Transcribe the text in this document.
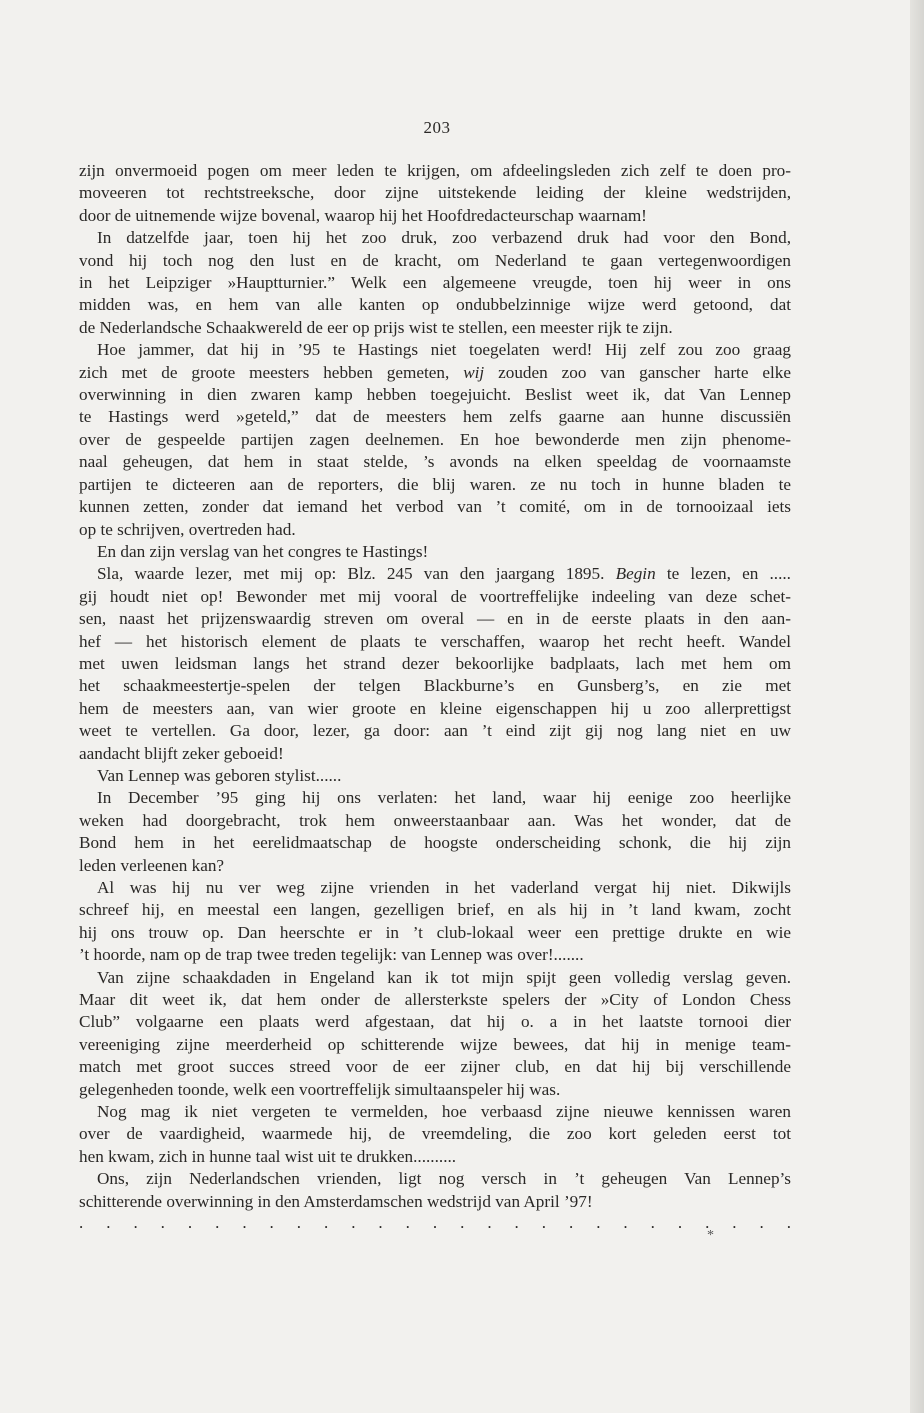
203
zijn onvermoeid pogen om meer leden te krijgen, om afdeelingsleden zich zelf te doen pro-
moveeren tot rechtstreeksche, door zijne uitstekende leiding der kleine wedstrijden,
door de uitnemende wijze bovenal, waarop hij het Hoofdredacteurschap waarnam!
In datzelfde jaar, toen hij het zoo druk, zoo verbazend druk had voor den Bond,
vond hij toch nog den lust en de kracht, om Nederland te gaan vertegenwoordigen
in het Leipziger »Hauptturnier.” Welk een algemeene vreugde, toen hij weer in ons
midden was, en hem van alle kanten op ondubbelzinnige wijze werd getoond, dat
de Nederlandsche Schaakwereld de eer op prijs wist te stellen, een meester rijk te zijn.
Hoe jammer, dat hij in ’95 te Hastings niet toegelaten werd! Hij zelf zou zoo graag
zich met de groote meesters hebben gemeten, wij zouden zoo van ganscher harte elke
overwinning in dien zwaren kamp hebben toegejuicht. Beslist weet ik, dat Van Lennep
te Hastings werd »geteld,” dat de meesters hem zelfs gaarne aan hunne discussiën
over de gespeelde partijen zagen deelnemen. En hoe bewonderde men zijn phenome-
naal geheugen, dat hem in staat stelde, ’s avonds na elken speeldag de voornaamste
partijen te dicteeren aan de reporters, die blij waren. ze nu toch in hunne bladen te
kunnen zetten, zonder dat iemand het verbod van ’t comité, om in de tornooizaal iets
op te schrijven, overtreden had.
En dan zijn verslag van het congres te Hastings!
Sla, waarde lezer, met mij op: Blz. 245 van den jaargang 1895. Begin te lezen, en .....
gij houdt niet op! Bewonder met mij vooral de voortreffelijke indeeling van deze schet-
sen, naast het prijzenswaardig streven om overal — en in de eerste plaats in den aan-
hef — het historisch element de plaats te verschaffen, waarop het recht heeft. Wandel
met uwen leidsman langs het strand dezer bekoorlijke badplaats, lach met hem om
het schaakmeestertje-spelen der telgen Blackburne’s en Gunsberg’s, en zie met
hem de meesters aan, van wier groote en kleine eigenschappen hij u zoo allerprettigst
weet te vertellen. Ga door, lezer, ga door: aan ’t eind zijt gij nog lang niet en uw
aandacht blijft zeker geboeid!
Van Lennep was geboren stylist......
In December ’95 ging hij ons verlaten: het land, waar hij eenige zoo heerlijke
weken had doorgebracht, trok hem onweerstaanbaar aan. Was het wonder, dat de
Bond hem in het eerelidmaatschap de hoogste onderscheiding schonk, die hij zijn
leden verleenen kan?
Al was hij nu ver weg zijne vrienden in het vaderland vergat hij niet. Dikwijls
schreef hij, en meestal een langen, gezelligen brief, en als hij in ’t land kwam, zocht
hij ons trouw op. Dan heerschte er in ’t club-lokaal weer een prettige drukte en wie
’t hoorde, nam op de trap twee treden tegelijk: van Lennep was over!.......
Van zijne schaakdaden in Engeland kan ik tot mijn spijt geen volledig verslag geven.
Maar dit weet ik, dat hem onder de allersterkste spelers der »City of London Chess
Club” volgaarne een plaats werd afgestaan, dat hij o. a in het laatste tornooi dier
vereeniging zijne meerderheid op schitterende wijze bewees, dat hij in menige team-
match met groot succes streed voor de eer zijner club, en dat hij bij verschillende
gelegenheden toonde, welk een voortreffelijk simultaanspeler hij was.
Nog mag ik niet vergeten te vermelden, hoe verbaasd zijne nieuwe kennissen waren
over de vaardigheid, waarmede hij, de vreemdeling, die zoo kort geleden eerst tot
hen kwam, zich in hunne taal wist uit te drukken..........
Ons, zijn Nederlandschen vrienden, ligt nog versch in ’t geheugen Van Lennep’s
schitterende overwinning in den Amsterdamschen wedstrijd van April ’97!
. . . . . . . . . . . . . . . . . . . . . . . . . . .
*
